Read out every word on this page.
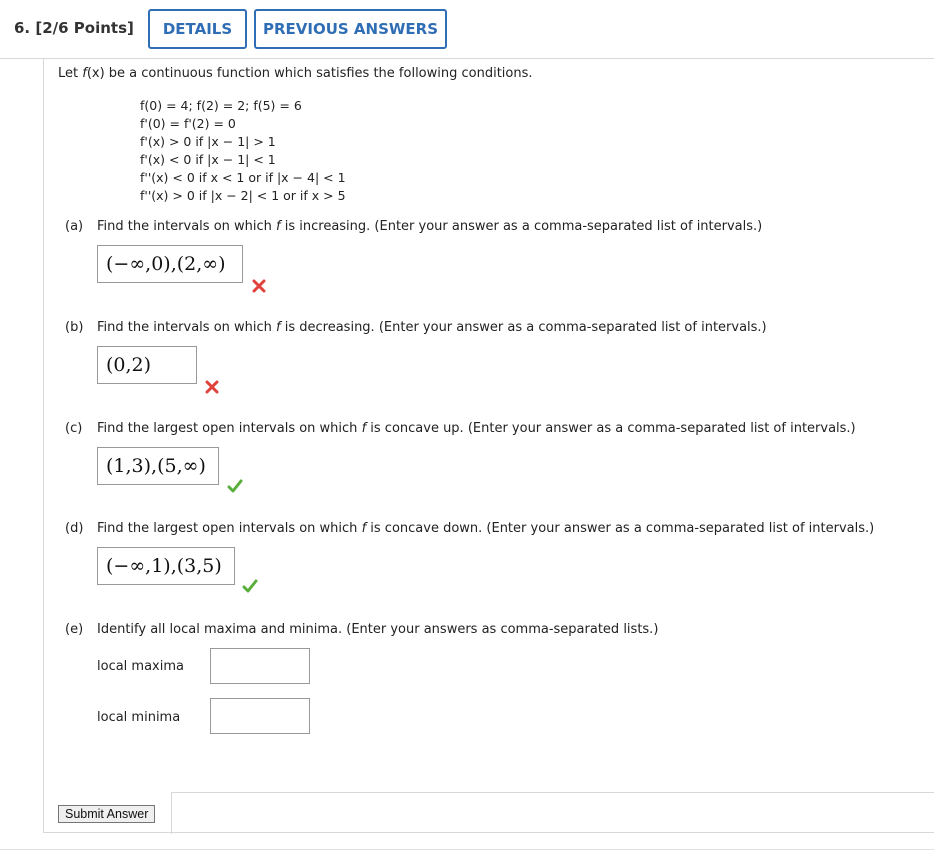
6. [2/6 Points]	DETAILS	PREVIOUS ANSWERS
Let f(x) be a continuous function which satisfies the following conditions.
f(0) = 4; f(2) = 2; f(5) = 6
f'(0) = f'(2) = 0
f'(x) > 0 if |x − 1| > 1
f'(x) < 0 if |x − 1| < 1
f''(x) < 0 if x < 1 or if |x − 4| < 1
f''(x) > 0 if |x − 2| < 1 or if x > 5
(a) Find the intervals on which f is increasing. (Enter your answer as a comma-separated list of intervals.)
(−∞,0),(2,∞)
(b) Find the intervals on which f is decreasing. (Enter your answer as a comma-separated list of intervals.)
(0,2)
(c) Find the largest open intervals on which f is concave up. (Enter your answer as a comma-separated list of intervals.)
(1,3),(5,∞)
(d) Find the largest open intervals on which f is concave down. (Enter your answer as a comma-separated list of intervals.)
(−∞,1),(3,5)
(e) Identify all local maxima and minima. (Enter your answers as comma-separated lists.)
local maxima
local minima
Submit Answer
